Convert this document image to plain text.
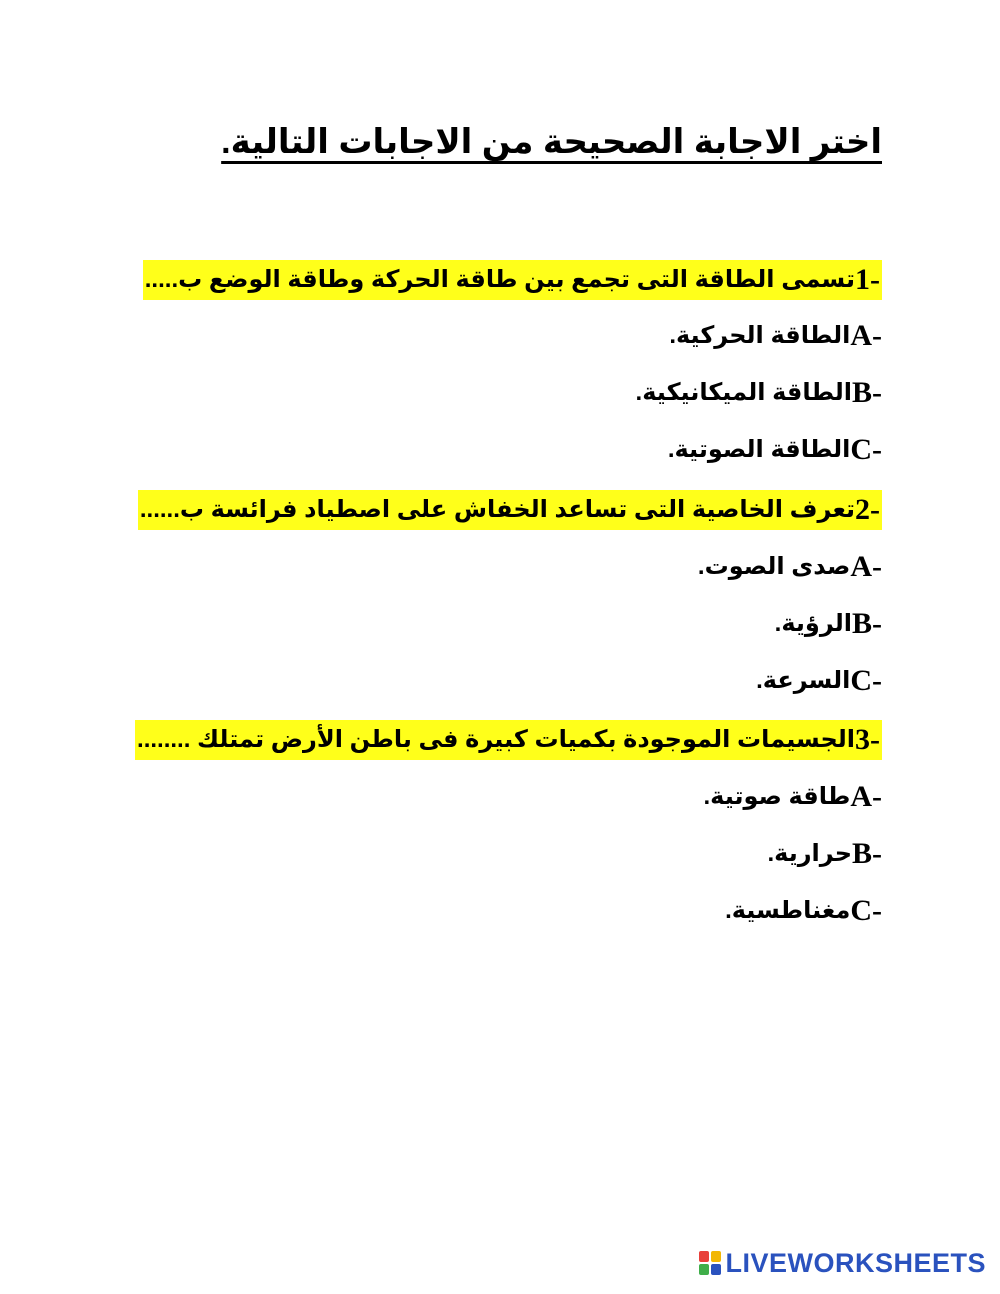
اختر الاجابة الصحيحة من الاجابات التالية.
1-
تسمى الطاقة التى تجمع بين طاقة الحركة وطاقة الوضع ب.....
A-
الطاقة الحركية.
B-
الطاقة الميكانيكية.
C-
الطاقة الصوتية.
2-
تعرف الخاصية التى تساعد الخفاش على اصطياد فرائسة ب......
A-
صدى الصوت.
B-
الرؤية.
C-
السرعة.
3-
الجسيمات الموجودة بكميات كبيرة فى باطن الأرض تمتلك ........
A-
طاقة صوتية.
B-
حرارية.
C-
مغناطسية.
LIVEWORKSHEETS
